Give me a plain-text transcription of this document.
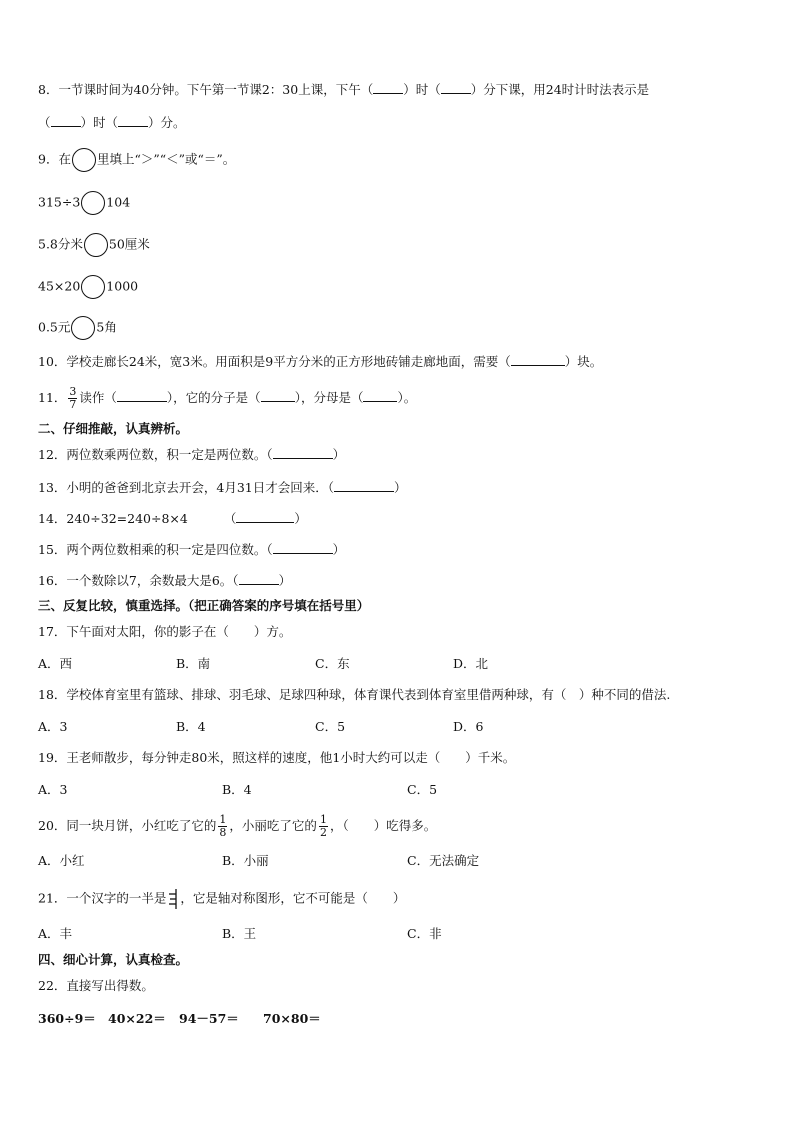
8．一节课时间为40分钟。下午第一节课2：30上课，下午（ ）时（ ）分下课，用24时计时法表示是
（ ）时（ ）分。
9．在 里填上“＞”“＜”或“＝”。
315÷3 104
5.8分米 50厘米
45×20 1000
0.5元 5角
10．学校走廊长24米，宽3米。用面积是9平方分米的正方形地砖铺走廊地面，需要（	）块。
11． $\frac{3}{7}$ 读作（	），它的分子是（	），分母是（	）。
二、仔细推敲，认真辨析。
12．两位数乘两位数，积一定是两位数。（	）
13．小明的爸爸到北京去开会，4月31日才会回来．（	）
14．240÷32=240÷8×4	（	）
15．两个两位数相乘的积一定是四位数。（	）
16．一个数除以7，余数最大是6。（	）
三、反复比较，慎重选择。（把正确答案的序号填在括号里）
17．下午面对太阳，你的影子在（　　）方。
A．西	B．南	C．东	D．北
18．学校体育室里有篮球、排球、羽毛球、足球四种球，体育课代表到体育室里借两种球，有（　）种不同的借法.
A．3	B．4	C．5	D．6
19．王老师散步，每分钟走80米，照这样的速度，他1小时大约可以走（　　）千米。
A．3	B．4	C．5
20．同一块月饼，小红吃了它的 $\frac{1}{8}$ ，小丽吃了它的 $\frac{1}{2}$ ，（　　）吃得多。
A．小红	B．小丽	C．无法确定
21．一个汉字的一半是 ，它是轴对称图形，它不可能是（　　）
A．丰	B．王	C．非
四、细心计算，认真检查。
22．直接写出得数。
360÷9＝ 40×22＝ 94－57＝ 70×80＝
